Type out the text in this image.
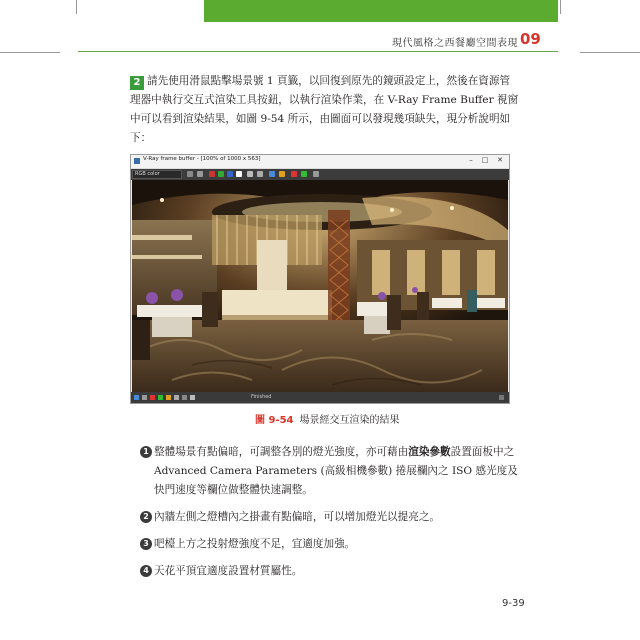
現代風格之西餐廳空間表現 09
2 請先使用滑鼠點擊場景號 1 頁籤，以回復到原先的鏡頭設定上，然後在資源管理器中執行交互式渲染工具按鈕，以執行渲染作業，在 V-Ray Frame Buffer 視窗中可以看到渲染結果，如圖 9-54 所示，由圖面可以發現幾項缺失，現分析說明如下：
V-Ray frame buffer - [100% of 1000 x 563]	–	□	✕
RGB color
Finished
圖 9-54 場景經交互渲染的結果
1 整體場景有點偏暗，可調整各別的燈光強度，亦可藉由渲染參數設置面板中之 Advanced Camera Parameters (高級相機參數) 捲展欄內之 ISO 感光度及快門速度等欄位做整體快速調整。
2 內牆左側之燈槽內之掛畫有點偏暗，可以增加燈光以提亮之。
3 吧檯上方之投射燈強度不足，宜適度加強。
4 天花平頂宜適度設置材質屬性。
9-39
